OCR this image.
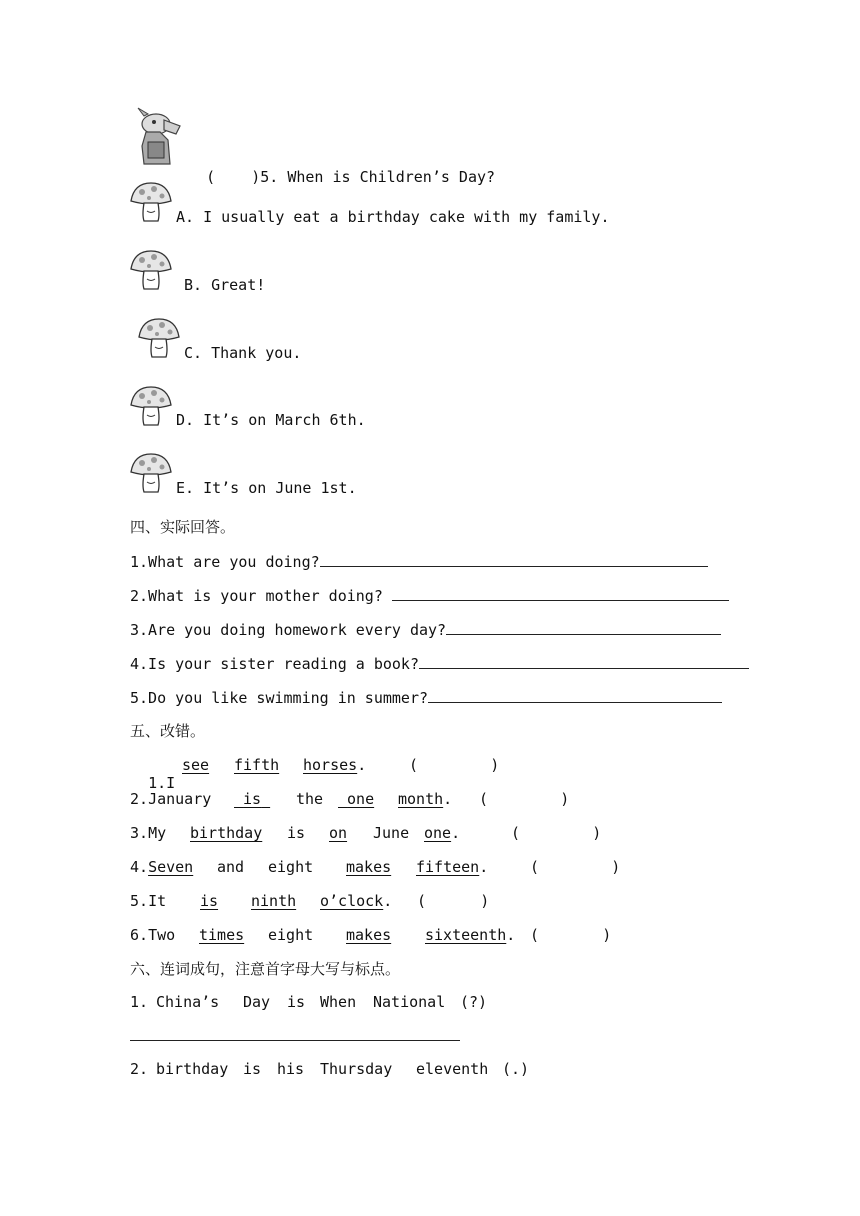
(    )5. When is Children’s Day?

A. I usually eat a birthday cake with my family.
B. Great!
C. Thank you.
D. It’s on March 6th.
E. It’s on June 1st.
四、实际回答。
1.What are you doing?
2.What is your mother doing?
3.Are you doing homework every day?
4.Is your sister reading a book?
5.Do you like swimming in summer?
五、改错。

1.I

see fifth horses.	(        )
2.January	is	the	one month. (        )
3.My birthday is on June one.	(        )
4.Seven and eight makes fifteen.	(        )
5.It is ninth o’clock. (      )
6.Two times eight makes sixteenth. (       )
六、连词成句，注意首字母大写与标点。
1. China’s Day is When National (?)
2. birthday is his Thursday eleventh (.)
